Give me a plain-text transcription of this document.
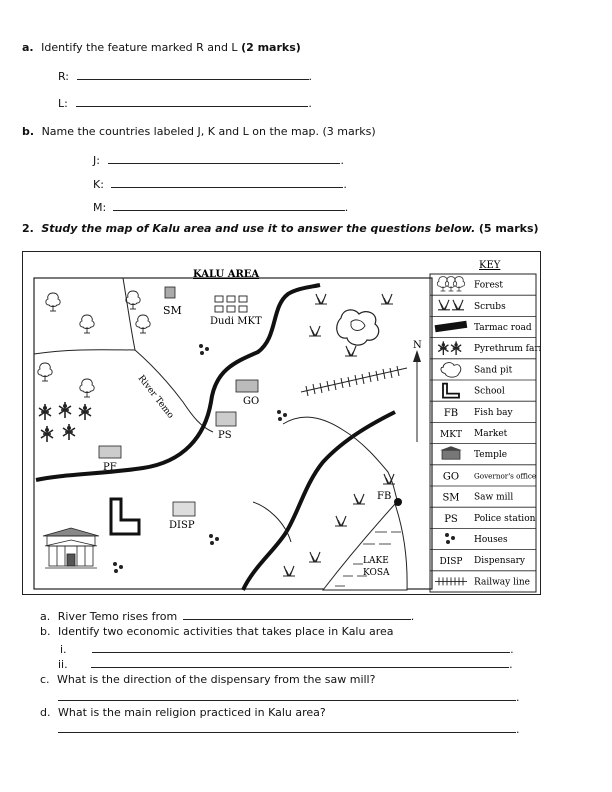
a. Identify the feature marked R and L (2 marks)
R:	.
L:	.
b. Name the countries labeled J, K and L on the map. (3 marks)
J:	.
K:	.
M:	.
2. Study the map of Kalu area and use it to answer the questions below. (5 marks)
KALU AREA
River Temo
LAKE
KOSA
FB
N
SM
Dudi MKT
GO
PS
PF
DISP
KEY
Forest
Scrubs
Tarmac road
Pyrethrum farm
Sand pit
School
FB Fish bay
MKT Market
Temple
GO Governor's office
SM Saw mill
PS Police station
Houses
DISP Dispensary
Railway line
a. River Temo rises from	.
b. Identify two economic activities that takes place in Kalu area
i.	.
ii.	.
c. What is the direction of the dispensary from the saw mill?
.
d. What is the main religion practiced in Kalu area?
.
